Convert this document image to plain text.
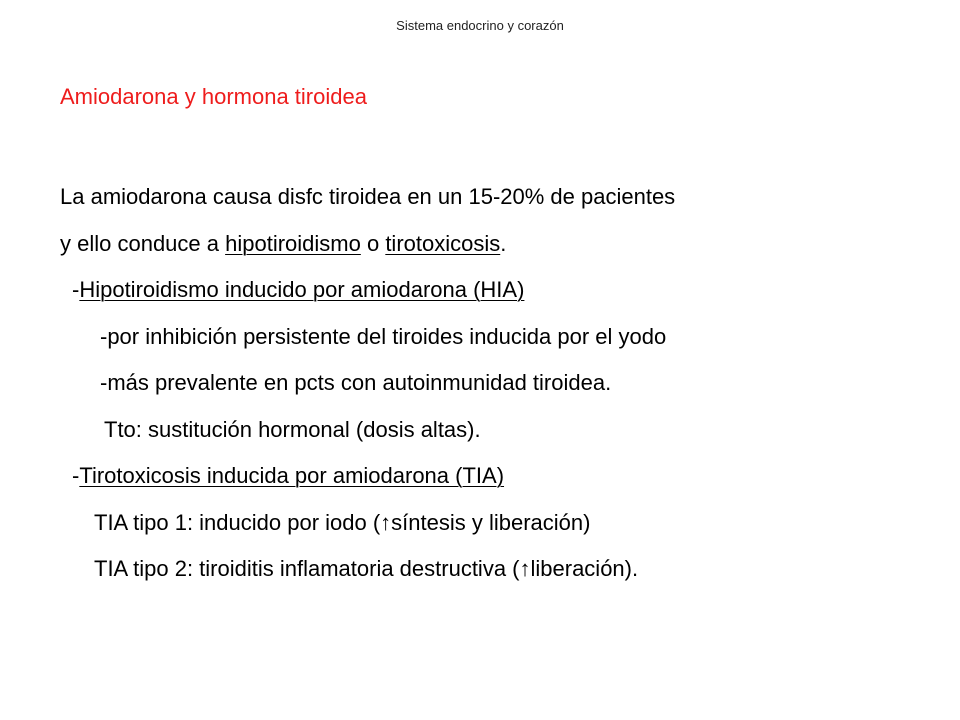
Sistema endocrino y corazón
Amiodarona y hormona tiroidea
La amiodarona causa disfc tiroidea en un 15-20% de pacientes
y ello conduce a hipotiroidismo o tirotoxicosis.
-Hipotiroidismo inducido por amiodarona (HIA)
-por inhibición persistente del tiroides inducida por el yodo
-más prevalente en pcts con autoinmunidad tiroidea.
Tto: sustitución hormonal (dosis altas).
-Tirotoxicosis inducida por amiodarona (TIA)
TIA tipo 1: inducido por iodo (↑síntesis y liberación)
TIA tipo 2: tiroiditis inflamatoria destructiva (↑liberación).
